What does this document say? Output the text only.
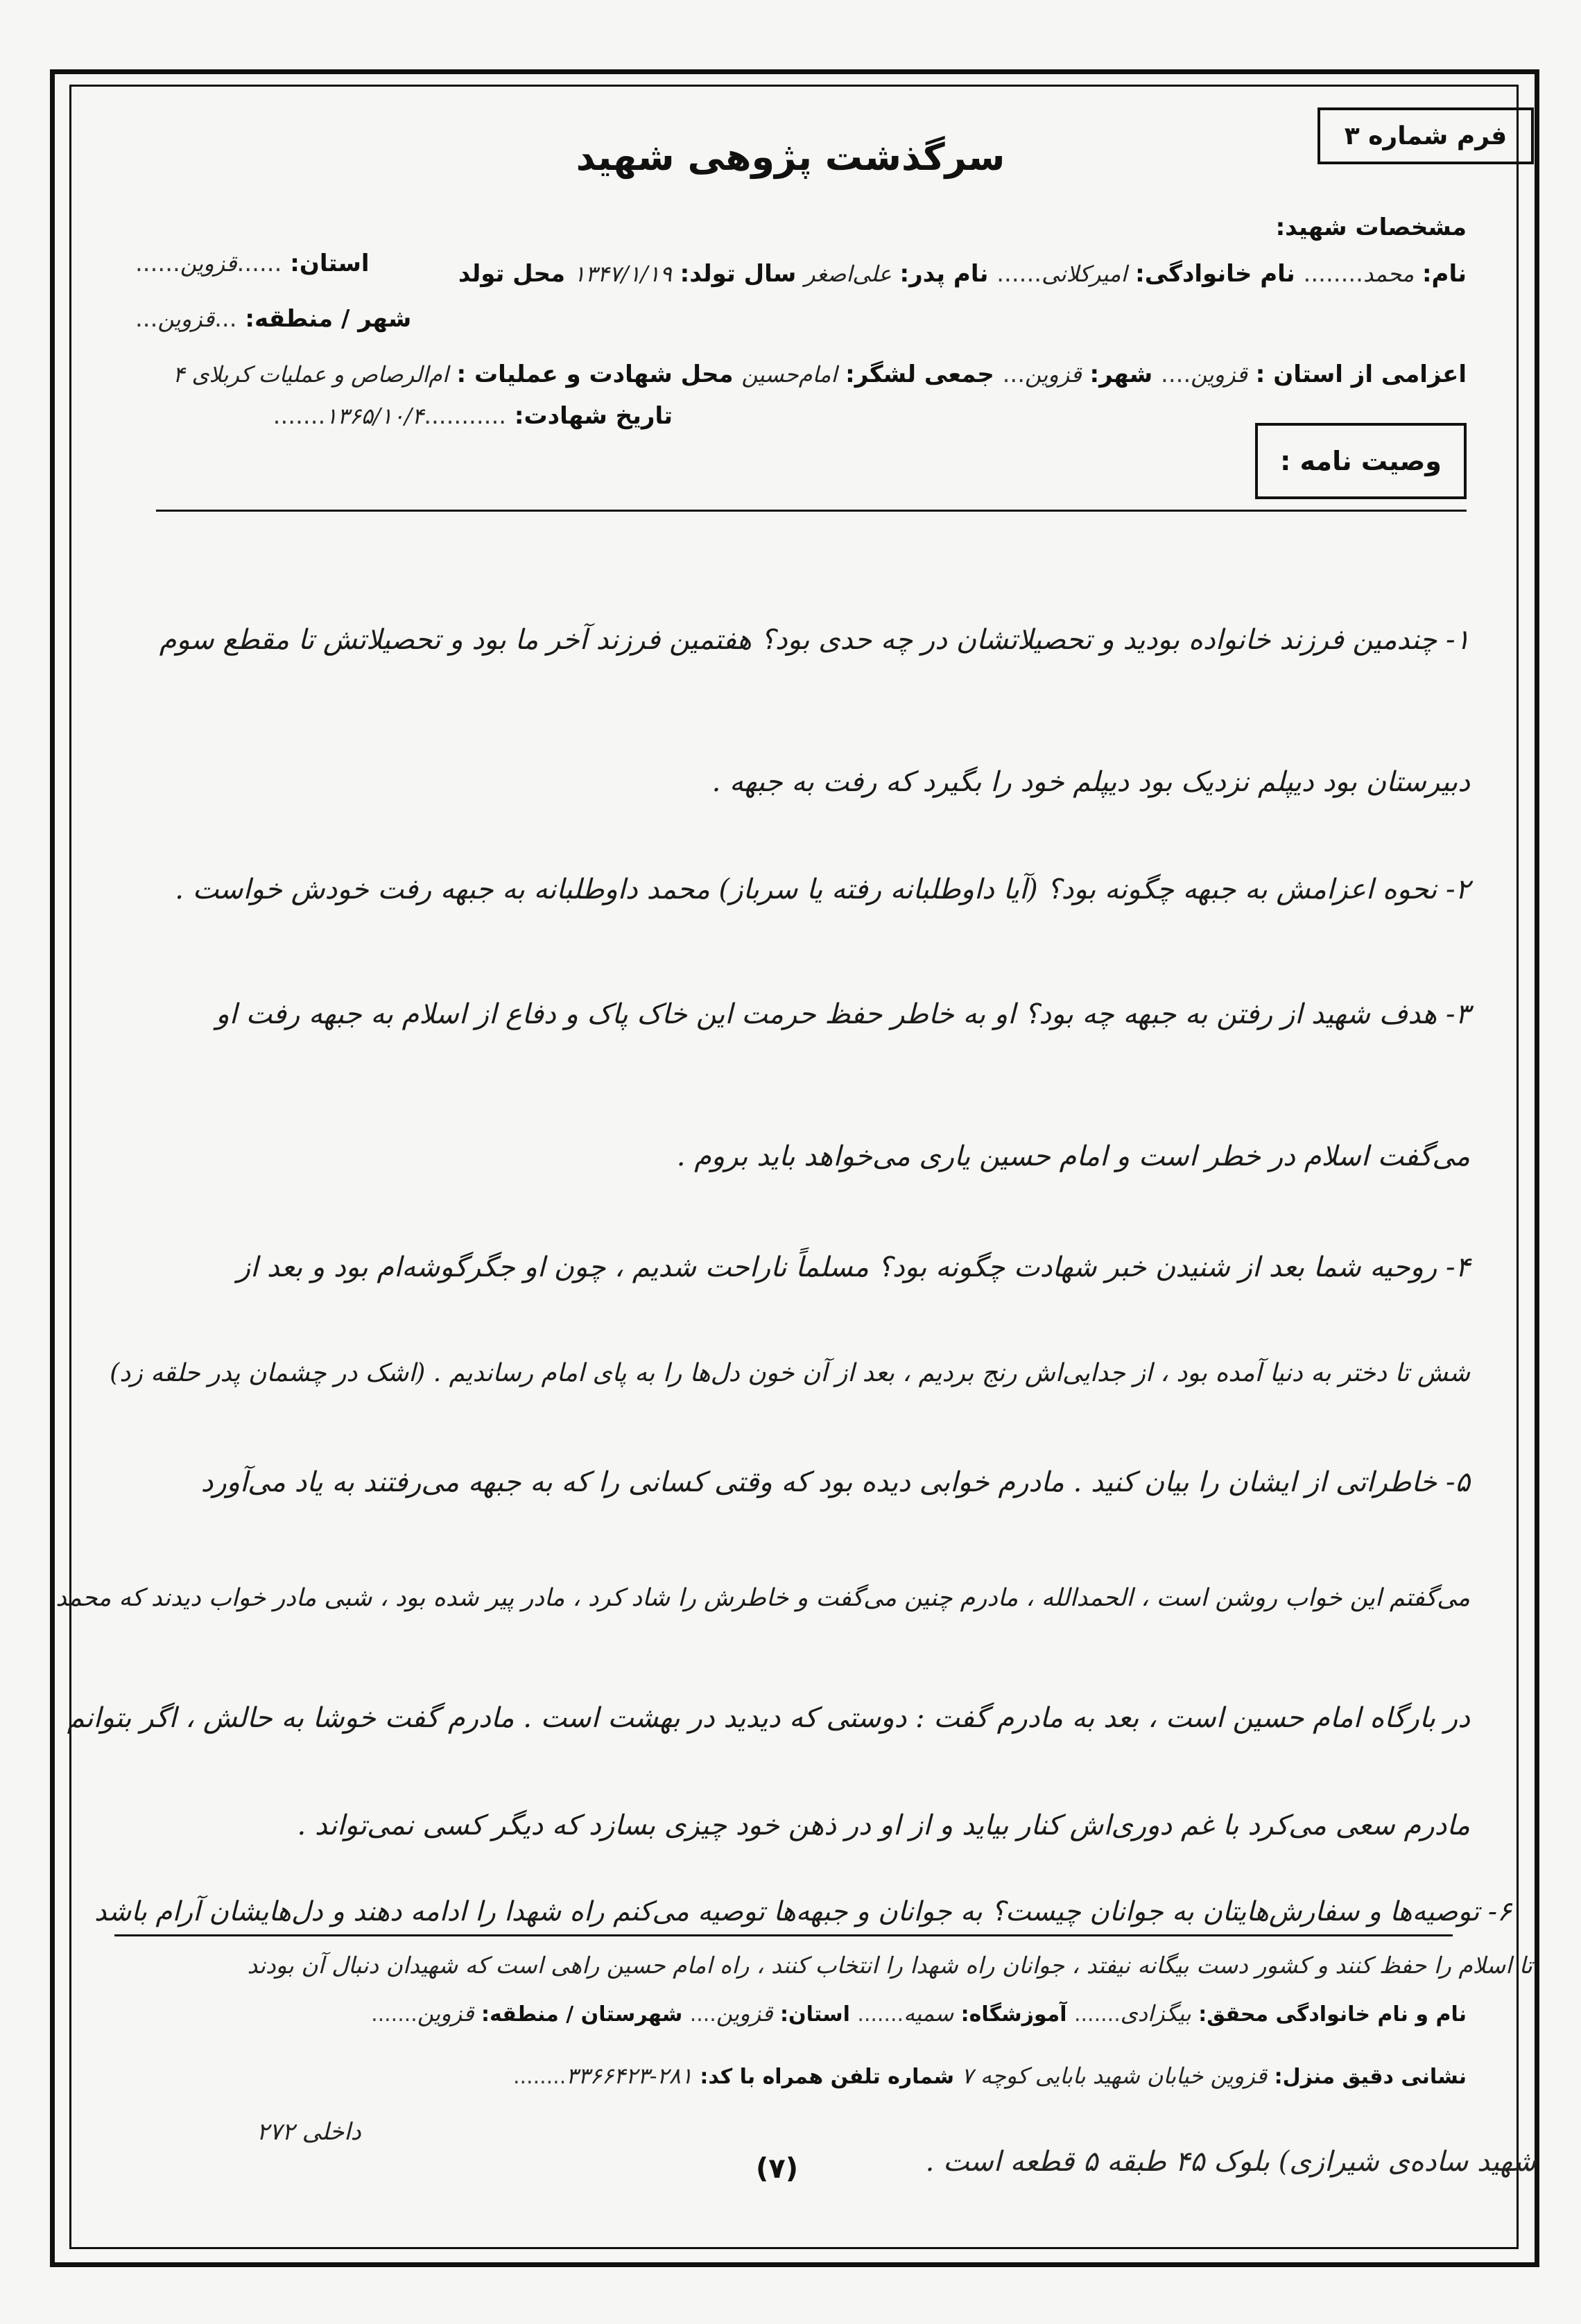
فرم شماره ۳
سرگذشت پژوهی شهید
مشخصات شهید:
نام: محمد........ نام خانوادگی: امیرکلانی...... نام پدر: علی‌اصغر سال تولد: ۱۳۴۷/۱/۱۹ محل تولد
استان: ......قزوین......
شهر / منطقه: ...قزوین...
اعزامی از استان : قزوین.... شهر: قزوین... جمعی لشگر: امام‌حسین محل شهادت و عملیات : ام‌الرصاص و عملیات کربلای ۴
تاریخ شهادت: ...........۱۳۶۵/۱۰/۴.......
وصیت نامه :
۱- چندمین فرزند خانواده بودید و تحصیلاتشان در چه حدی بود؟ هفتمین فرزند آخر ما بود و تحصیلاتش تا مقطع سوم
دبیرستان بود دیپلم نزدیک بود دیپلم خود را بگیرد که رفت به جبهه .
۲- نحوه اعزامش به جبهه چگونه بود؟ (آیا داوطلبانه رفته یا سرباز) محمد داوطلبانه به جبهه رفت خودش خواست .
۳- هدف شهید از رفتن به جبهه چه بود؟ او به خاطر حفظ حرمت این خاک پاک و دفاع از اسلام به جبهه رفت او
می‌گفت اسلام در خطر است و امام حسین یاری می‌خواهد باید بروم .
۴- روحیه شما بعد از شنیدن خبر شهادت چگونه بود؟ مسلماً ناراحت شدیم ، چون او جگرگوشه‌ام بود و بعد از
شش تا دختر به دنیا آمده بود ، از جدایی‌اش رنج بردیم ، بعد از آن خون دل‌ها را به پای امام رساندیم . (اشک در چشمان پدر حلقه زد)
۵- خاطراتی از ایشان را بیان کنید . مادرم خوابی دیده بود که وقتی کسانی را که به جبهه می‌رفتند به یاد می‌آورد
می‌گفتم این خواب روشن است ، الحمدالله ، مادرم چنین می‌گفت و خاطرش را شاد کرد ، مادر پیر شده بود ، شبی مادر خواب دیدند که محمد
در بارگاه امام حسین است ، بعد به مادرم گفت : دوستی که دیدید در بهشت است . مادرم گفت خوشا به حالش ، اگر بتوانم
مادرم سعی می‌کرد با غم دوری‌اش کنار بیاید و از او در ذهن خود چیزی بسازد که دیگر کسی نمی‌تواند .
۶- توصیه‌ها و سفارش‌هایتان به جوانان چیست؟ به جوانان و جبهه‌ها توصیه می‌کنم راه شهدا را ادامه دهند و دل‌هایشان آرام باشد
تا اسلام را حفظ کنند و کشور دست بیگانه نیفتد ، جوانان راه شهدا را انتخاب کنند ، راه امام حسین راهی است که شهیدان دنبال آن بودند
نام و نام خانوادگی محقق: بیگزادی....... آموزشگاه: سمیه....... استان: قزوین.... شهرستان / منطقه: قزوین.......
نشانی دقیق منزل: قزوین خیابان شهید بابایی کوچه ۷ شماره تلفن همراه با کد: ۲۸۱-۳۳۶۶۴۲۳........
داخلی ۲۷۲
شهید ساده‌ی شیرازی) بلوک ۴۵ طبقه ۵ قطعه است .
(۷)
